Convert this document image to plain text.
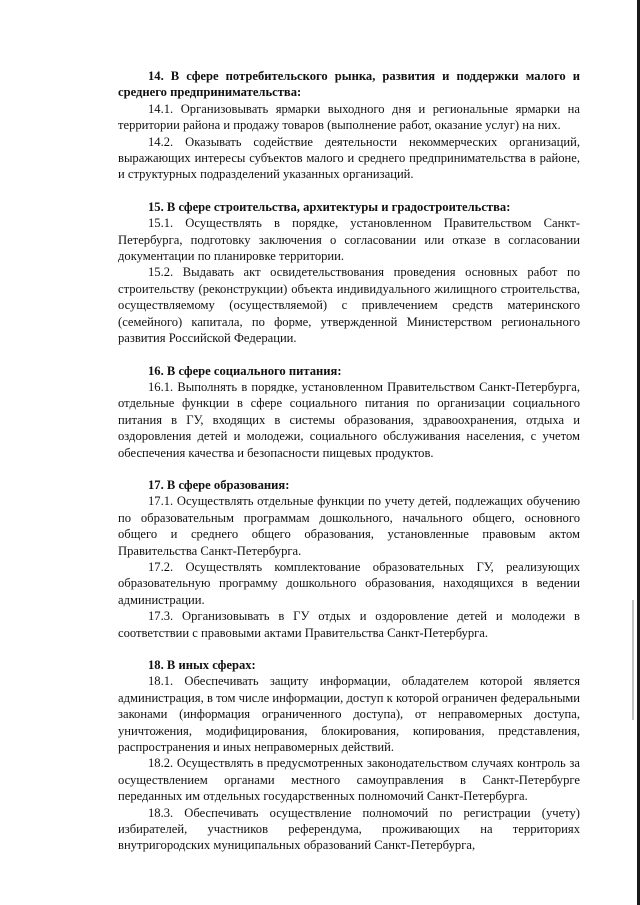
14. В сфере потребительского рынка, развития и поддержки малого и среднего предпринимательства:

14.1. Организовывать ярмарки выходного дня и региональные ярмарки на территории района и продажу товаров (выполнение работ, оказание услуг) на них.

14.2. Оказывать содействие деятельности некоммерческих организаций, выражающих интересы субъектов малого и среднего предпринимательства в районе, и структурных подразделений указанных организаций.

15. В сфере строительства, архитектуры и градостроительства:

15.1. Осуществлять в порядке, установленном Правительством Санкт-Петербурга, подготовку заключения о согласовании или отказе в согласовании документации по планировке территории.

15.2. Выдавать акт освидетельствования проведения основных работ по строительству (реконструкции) объекта индивидуального жилищного строительства, осуществляемому (осуществляемой) с привлечением средств материнского (семейного) капитала, по форме, утвержденной Министерством регионального развития Российской Федерации.

16. В сфере социального питания:

16.1. Выполнять в порядке, установленном Правительством Санкт-Петербурга, отдельные функции в сфере социального питания по организации социального питания в ГУ, входящих в системы образования, здравоохранения, отдыха и оздоровления детей и молодежи, социального обслуживания населения, с учетом обеспечения качества и безопасности пищевых продуктов.

17. В сфере образования:

17.1. Осуществлять отдельные функции по учету детей, подлежащих обучению по образовательным программам дошкольного, начального общего, основного общего и среднего общего образования, установленные правовым актом Правительства Санкт-Петербурга.

17.2. Осуществлять комплектование образовательных ГУ, реализующих образовательную программу дошкольного образования, находящихся в ведении администрации.

17.3. Организовывать в ГУ отдых и оздоровление детей и молодежи в соответствии с правовыми актами Правительства Санкт-Петербурга.

18. В иных сферах:

18.1. Обеспечивать защиту информации, обладателем которой является администрация, в том числе информации, доступ к которой ограничен федеральными законами (информация ограниченного доступа), от неправомерных доступа, уничтожения, модифицирования, блокирования, копирования, представления, распространения и иных неправомерных действий.

18.2. Осуществлять в предусмотренных законодательством случаях контроль за осуществлением органами местного самоуправления в Санкт-Петербурге переданных им отдельных государственных полномочий Санкт-Петербурга.

18.3. Обеспечивать осуществление полномочий по регистрации (учету) избирателей, участников референдума, проживающих на территориях внутригородских муниципальных образований Санкт-Петербурга,
